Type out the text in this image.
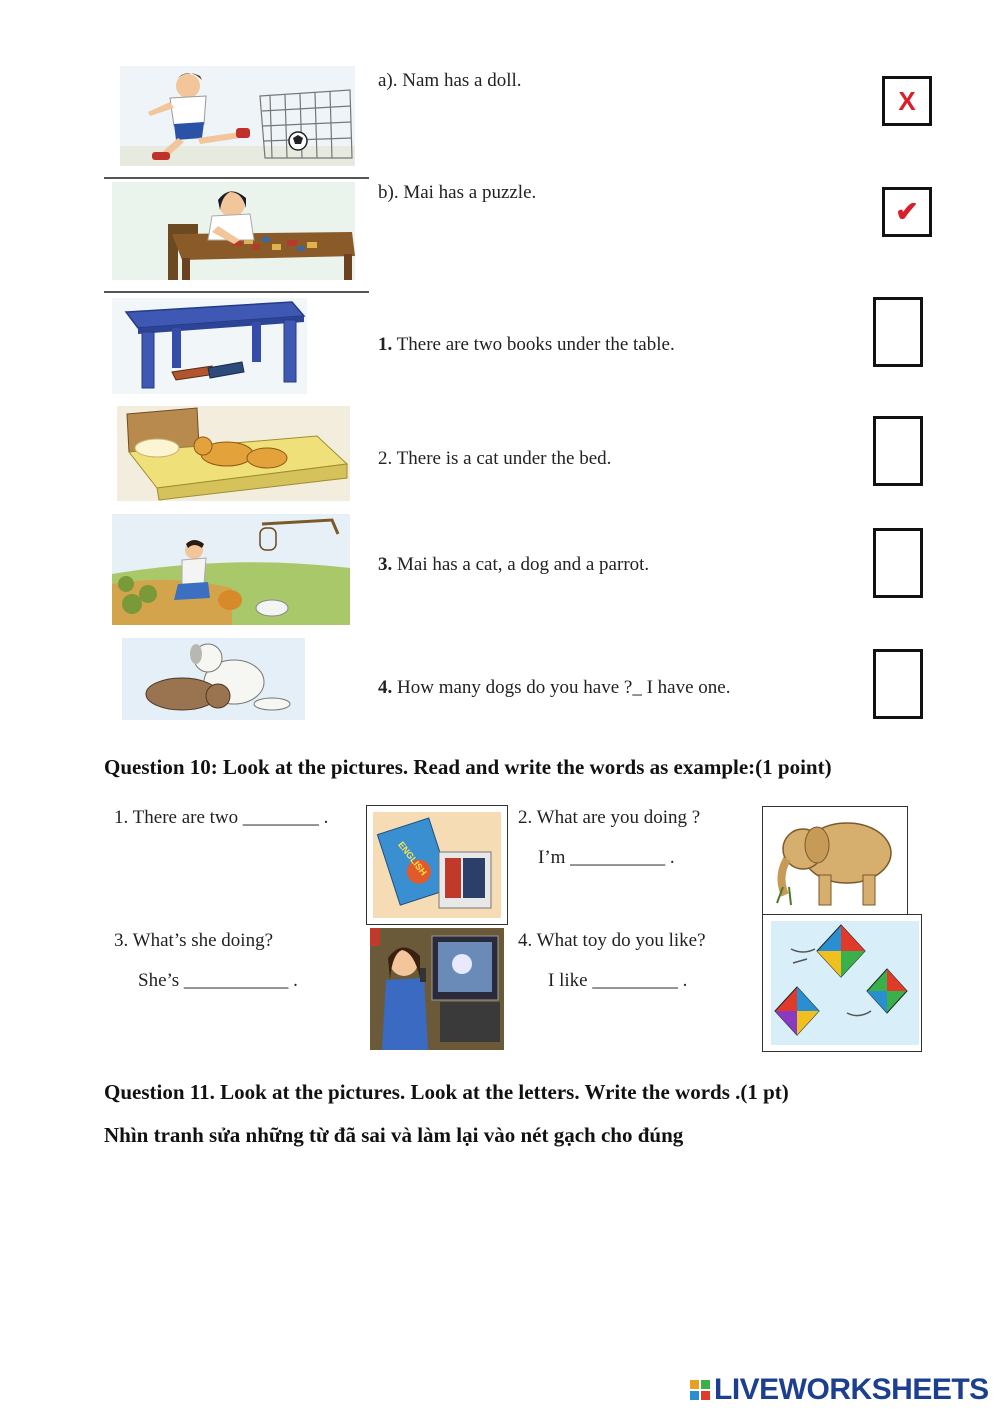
a). Nam has a doll.
X
b). Mai has a puzzle.
✔
1. There are two books under the table.
2. There is a cat under the bed.
3. Mai has a cat, a dog and a parrot.
4. How many dogs do you have ?_ I have one.
Question 10: Look at the pictures. Read and write the words as example:(1 point)
1. There are two ________ .
ENGLISH
2. What are you doing ?
I’m __________ .
3. What’s she doing?
She’s ___________ .
4. What toy do you like?
I like _________ .
Question 11. Look at the pictures. Look at the letters. Write the words .(1 pt)
Nhìn tranh sửa những từ đã sai và làm lại vào nét gạch cho đúng
LIVEWORKSHEETS
